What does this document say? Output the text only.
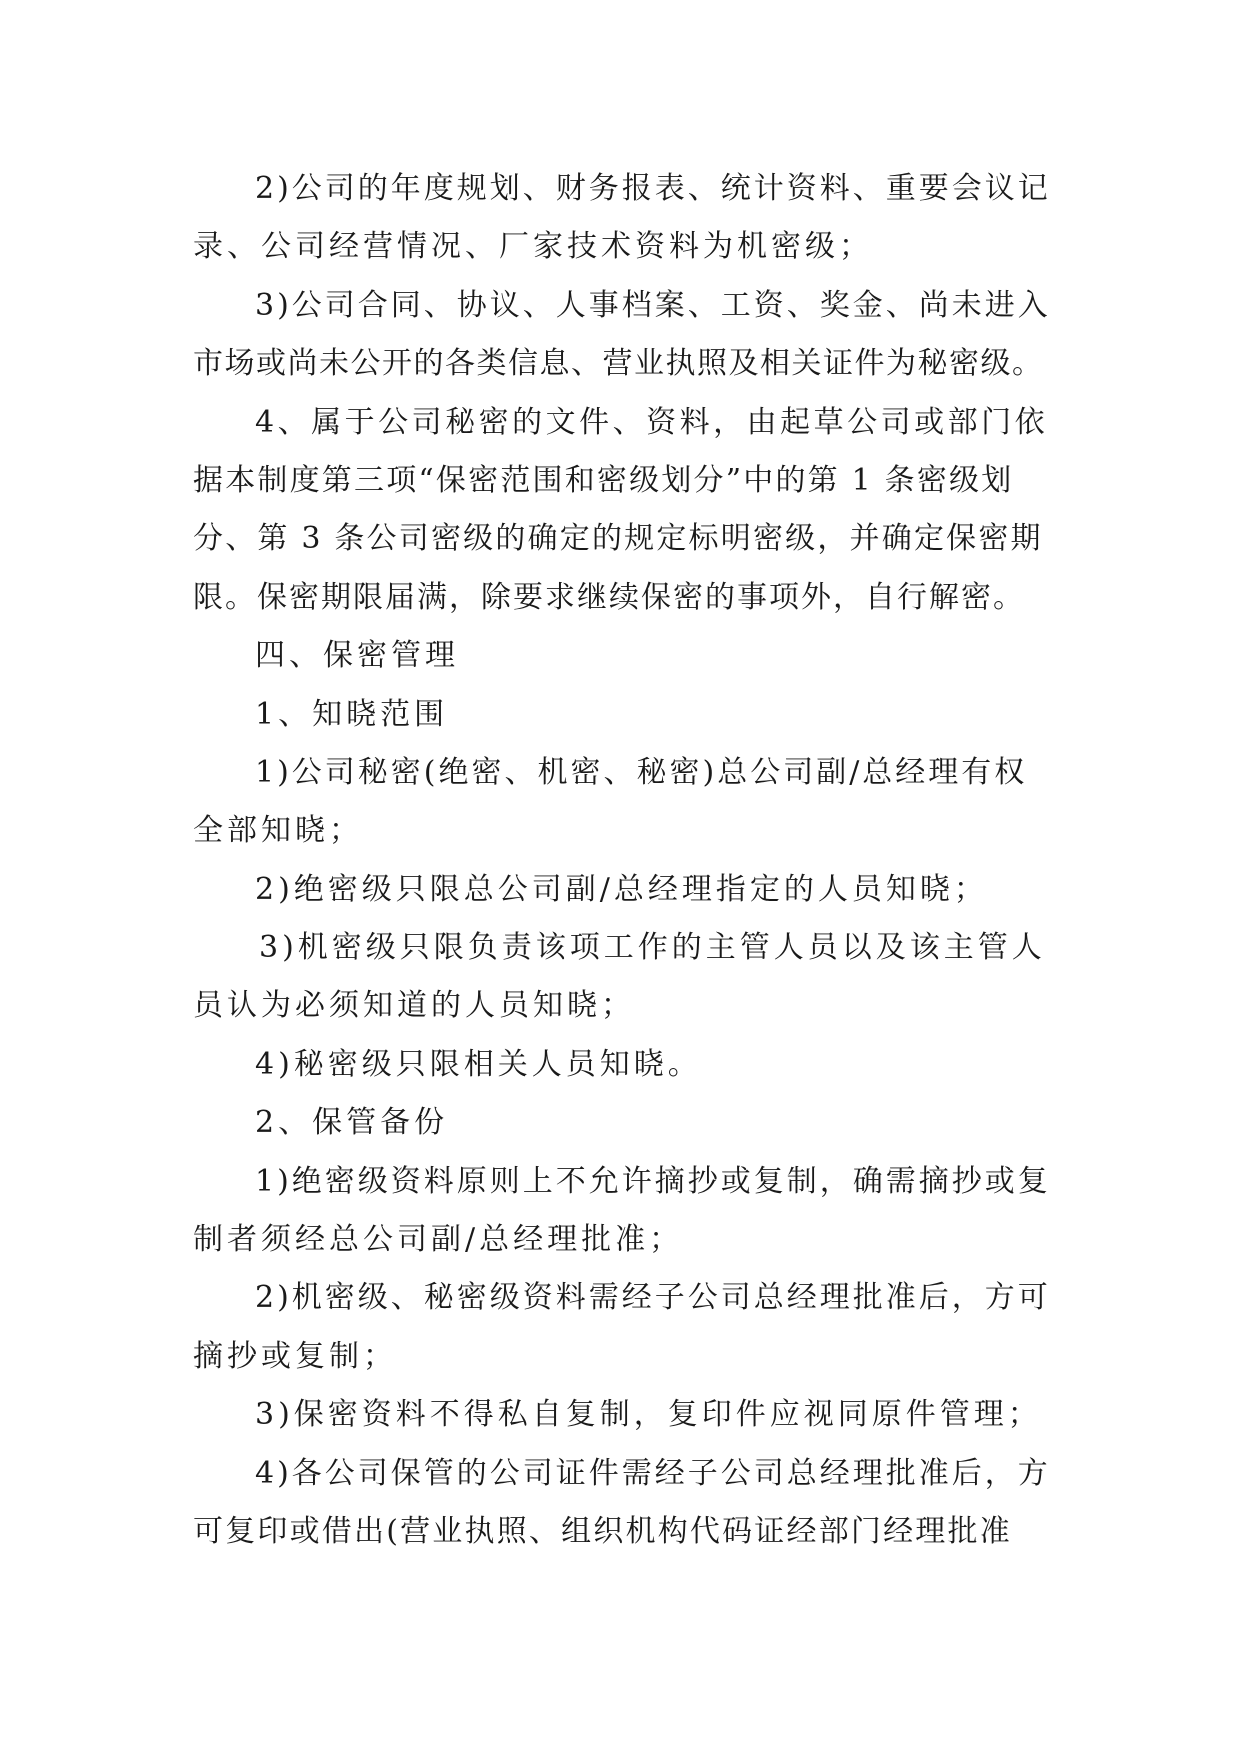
2)公司的年度规划、财务报表、统计资料、重要会议记

录、公司经营情况、厂家技术资料为机密级；

3)公司合同、协议、人事档案、工资、奖金、尚未进入

市场或尚未公开的各类信息、营业执照及相关证件为秘密级。

4、属于公司秘密的文件、资料，由起草公司或部门依

据本制度第三项“保密范围和密级划分”中的第 1 条密级划

分、第 3 条公司密级的确定的规定标明密级，并确定保密期

限。保密期限届满，除要求继续保密的事项外，自行解密。

四、保密管理

1、知晓范围

1)公司秘密(绝密、机密、秘密)总公司副/总经理有权

全部知晓；

2)绝密级只限总公司副/总经理指定的人员知晓；

3)机密级只限负责该项工作的主管人员以及该主管人

员认为必须知道的人员知晓；

4)秘密级只限相关人员知晓。

2、保管备份

1)绝密级资料原则上不允许摘抄或复制，确需摘抄或复

制者须经总公司副/总经理批准；

2)机密级、秘密级资料需经子公司总经理批准后，方可

摘抄或复制；

3)保密资料不得私自复制，复印件应视同原件管理；

4)各公司保管的公司证件需经子公司总经理批准后，方

可复印或借出(营业执照、组织机构代码证经部门经理批准
